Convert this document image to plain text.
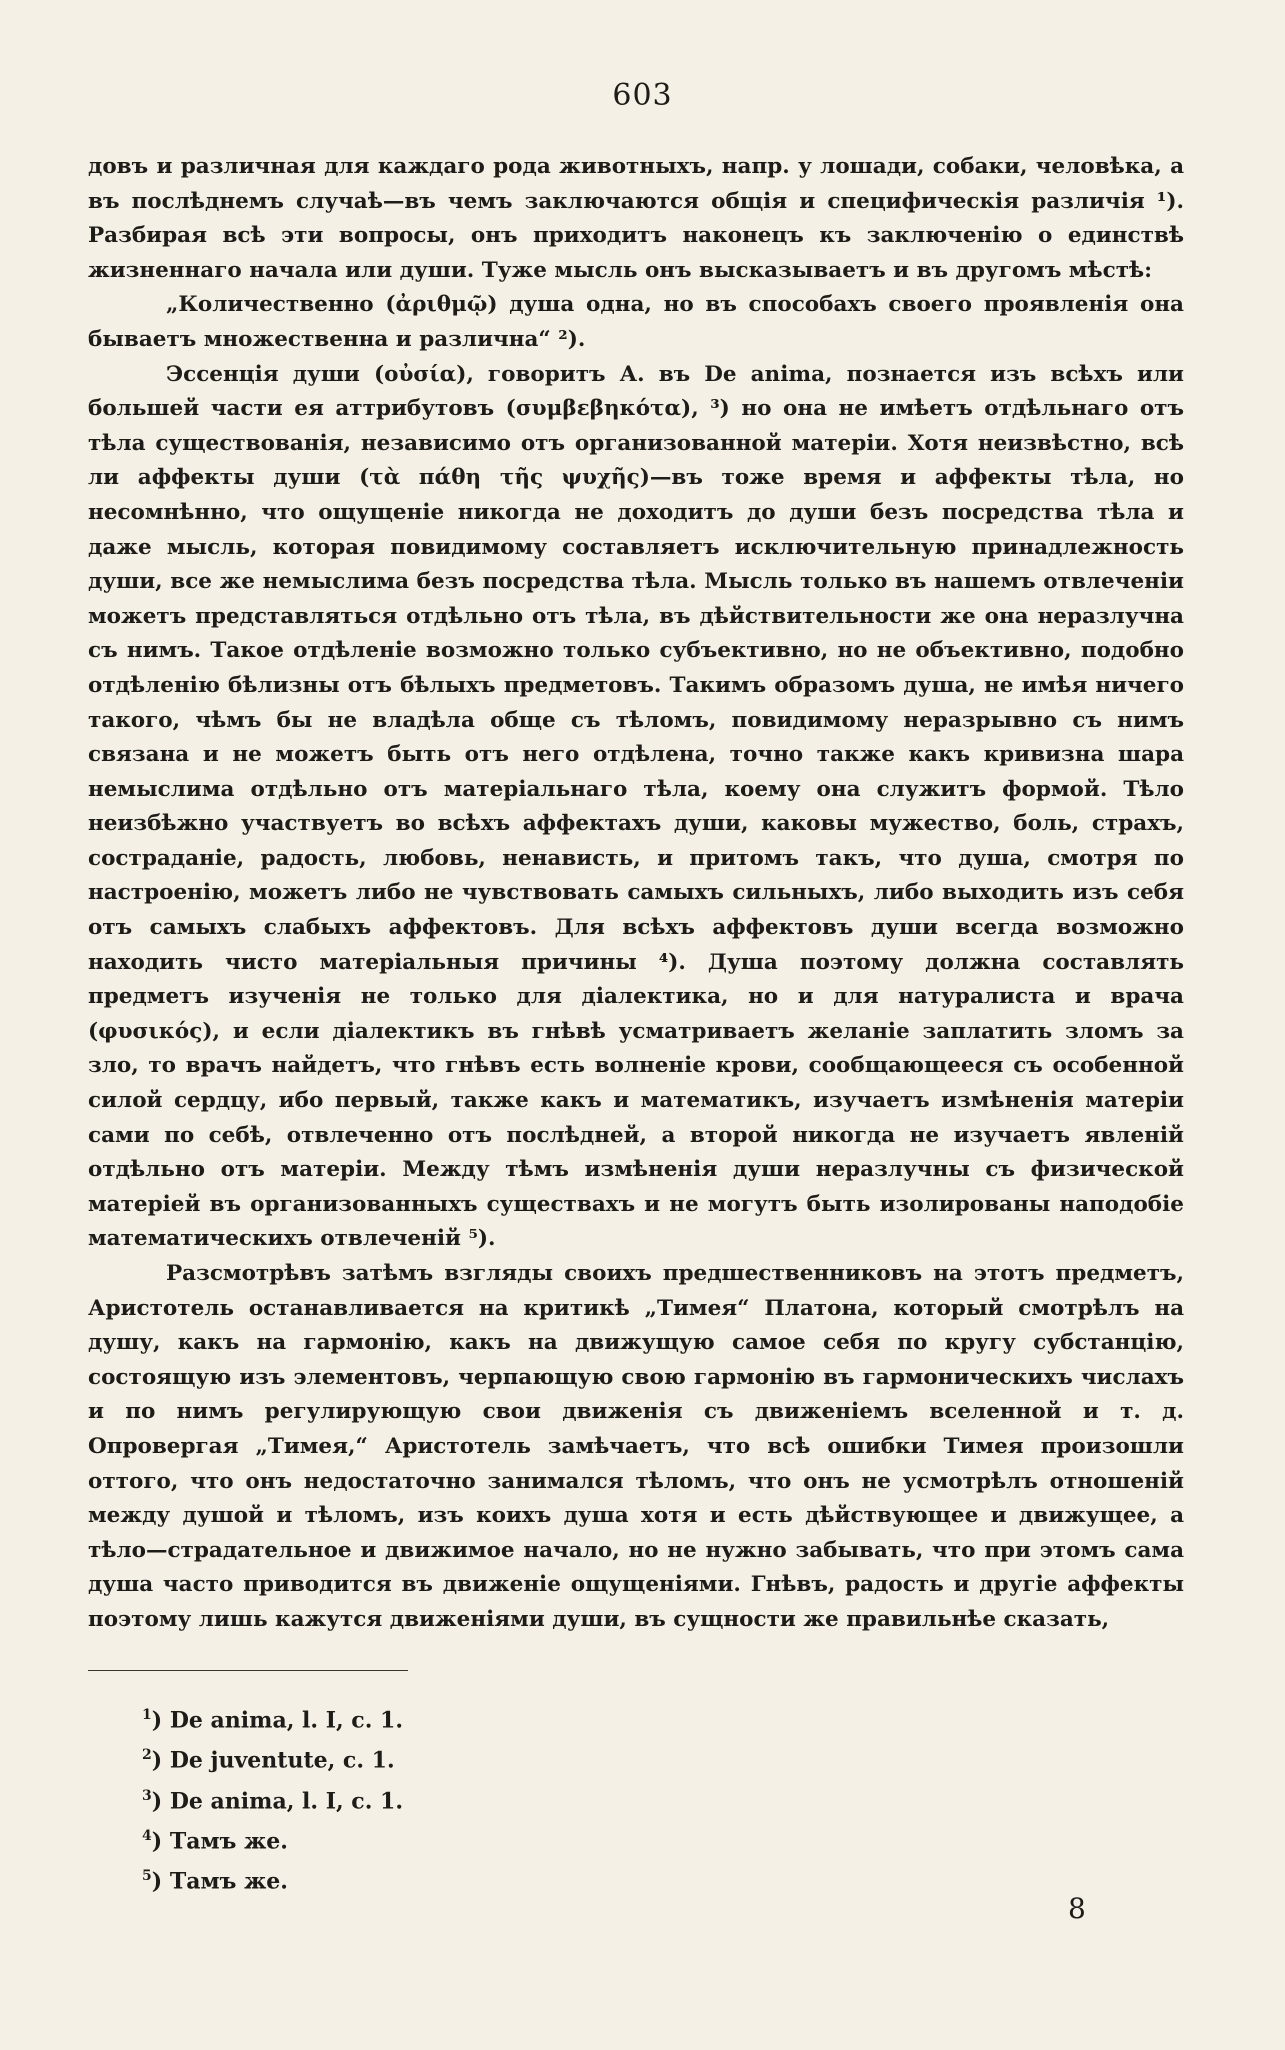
603

довъ и различная для каждаго рода животныхъ, напр. у лошади, собаки, человѣка, а въ послѣднемъ случаѣ—въ чемъ заключаются общія и специфическія различія ¹). Разбирая всѣ эти вопросы, онъ приходитъ наконецъ къ заключенію о единствѣ жизненнаго начала или души. Туже мысль онъ высказываетъ и въ другомъ мѣстѣ:

„Количественно (ἀριθμῷ) душа одна, но въ способахъ своего проявленія она бываетъ множественна и различна“ ²).

Эссенція души (οὐσία), говоритъ А. въ De anima, познается изъ всѣхъ или большей части ея аттрибутовъ (συμβεβηκότα), ³) но она не имѣетъ отдѣльнаго отъ тѣла существованія, независимо отъ организованной матеріи. Хотя неизвѣстно, всѣ ли аффекты души (τὰ πάθη τῆς ψυχῆς)—въ тоже время и аффекты тѣла, но несомнѣнно, что ощущеніе никогда не доходитъ до души безъ посредства тѣла и даже мысль, которая повидимому составляетъ исключительную принадлежность души, все же немыслима безъ посредства тѣла. Мысль только въ нашемъ отвлеченіи можетъ представляться отдѣльно отъ тѣла, въ дѣйствительности же она неразлучна съ нимъ. Такое отдѣленіе возможно только субъективно, но не объективно, подобно отдѣленію бѣлизны отъ бѣлыхъ предметовъ. Такимъ образомъ душа, не имѣя ничего такого, чѣмъ бы не владѣла обще съ тѣломъ, повидимому неразрывно съ нимъ связана и не можетъ быть отъ него отдѣлена, точно также какъ кривизна шара немыслима отдѣльно отъ матеріальнаго тѣла, коему она служитъ формой. Тѣло неизбѣжно участвуетъ во всѣхъ аффектахъ души, каковы мужество, боль, страхъ, состраданіе, радость, любовь, ненависть, и притомъ такъ, что душа, смотря по настроенію, можетъ либо не чувствовать самыхъ сильныхъ, либо выходить изъ себя отъ самыхъ слабыхъ аффектовъ. Для всѣхъ аффектовъ души всегда возможно находить чисто матеріальныя причины ⁴). Душа поэтому должна составлять предметъ изученія не только для діалектика, но и для натуралиста и врача (φυσικός), и если діалектикъ въ гнѣвѣ усматриваетъ желаніе заплатить зломъ за зло, то врачъ найдетъ, что гнѣвъ есть волненіе крови, сообщающееся съ особенной силой сердцу, ибо первый, также какъ и математикъ, изучаетъ измѣненія матеріи сами по себѣ, отвлеченно отъ послѣдней, а второй никогда не изучаетъ явленій отдѣльно отъ матеріи. Между тѣмъ измѣненія души неразлучны съ физической матеріей въ организованныхъ существахъ и не могутъ быть изолированы наподобіе математическихъ отвлеченій ⁵).

Разсмотрѣвъ затѣмъ взгляды своихъ предшественниковъ на этотъ предметъ, Аристотель останавливается на критикѣ „Тимея“ Платона, который смотрѣлъ на душу, какъ на гармонію, какъ на движущую самое себя по кругу субстанцію, состоящую изъ элементовъ, черпающую свою гармонію въ гармоническихъ числахъ и по нимъ регулирующую свои движенія съ движеніемъ вселенной и т. д. Опровергая „Тимея,“ Аристотель замѣчаетъ, что всѣ ошибки Тимея произошли оттого, что онъ недостаточно занимался тѣломъ, что онъ не усмотрѣлъ отношеній между душой и тѣломъ, изъ коихъ душа хотя и есть дѣйствующее и движущее, а тѣло—страдательное и движимое начало, но не нужно забывать, что при этомъ сама душа часто приводится въ движеніе ощущеніями. Гнѣвъ, радость и другіе аффекты поэтому лишь кажутся движеніями души, въ сущности же правильнѣе сказать,

$^1$) De anima, l. I, c. 1.

$^2$) De juventute, c. 1.

$^3$) De anima, l. I, c. 1.

$^4$) Тамъ же.

$^5$) Тамъ же.

8
